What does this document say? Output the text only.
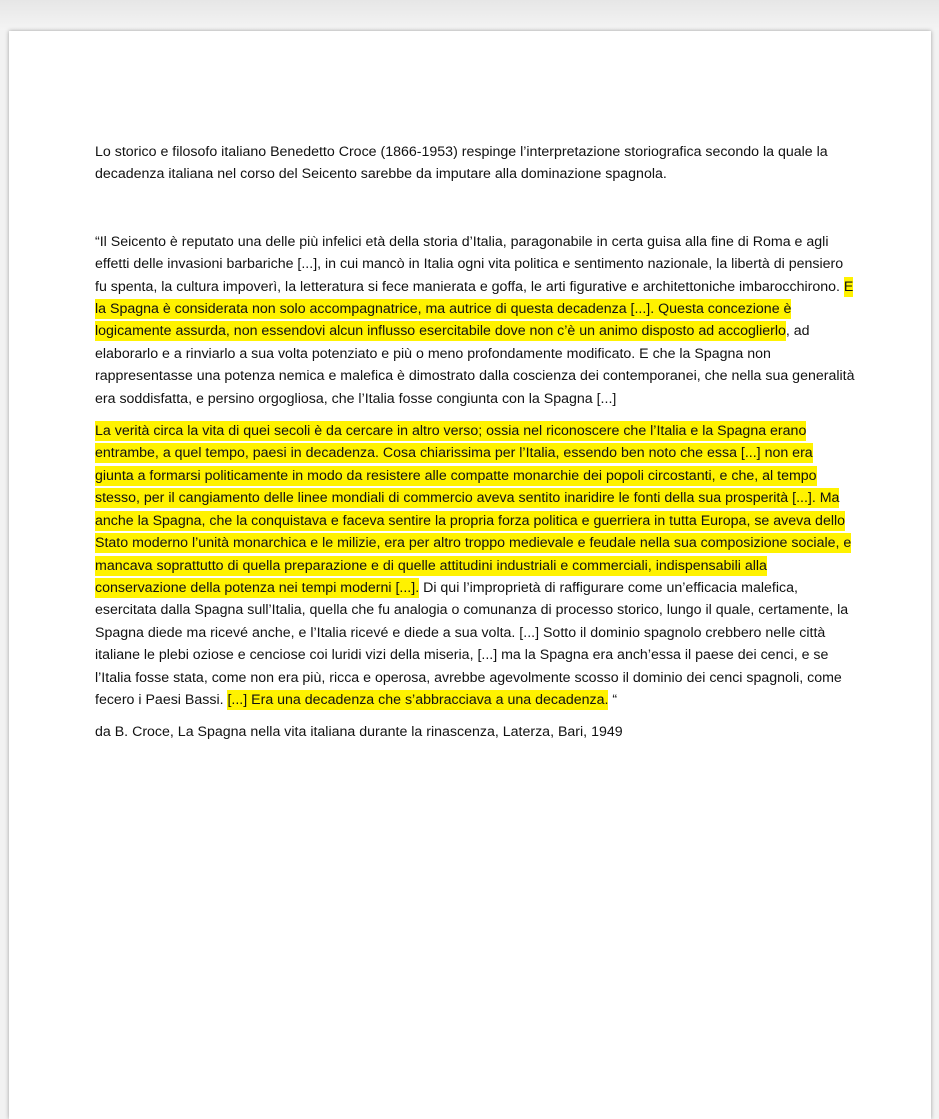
Lo storico e filosofo italiano Benedetto Croce (1866-1953) respinge l’interpretazione storiografica secondo la quale la decadenza italiana nel corso del Seicento sarebbe da imputare alla dominazione spagnola.

“Il Seicento è reputato una delle più infelici età della storia d’Italia, paragonabile in certa guisa alla fine di Roma e agli effetti delle invasioni barbariche [...], in cui mancò in Italia ogni vita politica e sentimento nazionale, la libertà di pensiero fu spenta, la cultura impoverì, la letteratura si fece manierata e goffa, le arti figurative e architettoniche imbarocchirono. E la Spagna è considerata non solo accompagnatrice, ma autrice di questa decadenza [...]. Questa concezione è logicamente assurda, non essendovi alcun influsso esercitabile dove non c’è un animo disposto ad accoglierlo, ad elaborarlo e a rinviarlo a sua volta potenziato e più o meno profondamente modificato. E che la Spagna non rappresentasse una potenza nemica e malefica è dimostrato dalla coscienza dei contemporanei, che nella sua generalità era soddisfatta, e persino orgogliosa, che l’Italia fosse congiunta con la Spagna [...]

La verità circa la vita di quei secoli è da cercare in altro verso; ossia nel riconoscere che l’Italia e la Spagna erano entrambe, a quel tempo, paesi in decadenza. Cosa chiarissima per l’Italia, essendo ben noto che essa [...] non era giunta a formarsi politicamente in modo da resistere alle compatte monarchie dei popoli circostanti, e che, al tempo stesso, per il cangiamento delle linee mondiali di commercio aveva sentito inaridire le fonti della sua prosperità [...]. Ma anche la Spagna, che la conquistava e faceva sentire la propria forza politica e guerriera in tutta Europa, se aveva dello Stato moderno l’unità monarchica e le milizie, era per altro troppo medievale e feudale nella sua composizione sociale, e mancava soprattutto di quella preparazione e di quelle attitudini industriali e commerciali, indispensabili alla conservazione della potenza nei tempi moderni [...]. Di qui l’improprietà di raffigurare come un’efficacia malefica, esercitata dalla Spagna sull’Italia, quella che fu analogia o comunanza di processo storico, lungo il quale, certamente, la Spagna diede ma ricevé anche, e l’Italia ricevé e diede a sua volta. [...] Sotto il dominio spagnolo crebbero nelle città italiane le plebi oziose e cenciose coi luridi vizi della miseria, [...] ma la Spagna era anch’essa il paese dei cenci, e se l’Italia fosse stata, come non era più, ricca e operosa, avrebbe agevolmente scosso il dominio dei cenci spagnoli, come fecero i Paesi Bassi. [...] Era una decadenza che s’abbracciava a una decadenza. “

da B. Croce, La Spagna nella vita italiana durante la rinascenza, Laterza, Bari, 1949
